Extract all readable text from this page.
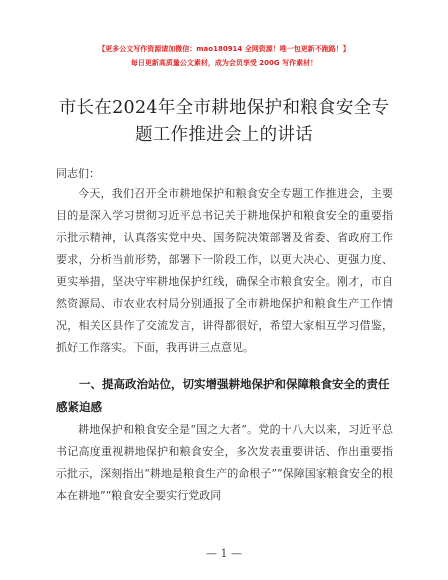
【更多公文写作资源请加微信：mao180914 全网资源！唯一包更新不跑路！】
每日更新高质量公文素材，成为会员享受 200G 写作素材！
市长在2024年全市耕地保护和粮食安全专题工作推进会上的讲话
同志们：
今天，我们召开全市耕地保护和粮食安全专题工作推进会，主要目的是深入学习贯彻习近平总书记关于耕地保护和粮食安全的重要指示批示精神，认真落实党中央、国务院决策部署及省委、省政府工作要求，分析当前形势，部署下一阶段工作，以更大决心、更强力度、更实举措，坚决守牢耕地保护红线，确保全市粮食安全。刚才，市自然资源局、市农业农村局分别通报了全市耕地保护和粮食生产工作情况，相关区县作了交流发言，讲得都很好，希望大家相互学习借鉴，抓好工作落实。下面，我再讲三点意见。
一、提高政治站位，切实增强耕地保护和保障粮食安全的责任感紧迫感
耕地保护和粮食安全是“国之大者”。党的十八大以来，习近平总书记高度重视耕地保护和粮食安全，多次发表重要讲话、作出重要指示批示，深刻指出“耕地是粮食生产的命根子”“保障国家粮食安全的根本在耕地”“粮食安全要实行党政同
— 1 —
